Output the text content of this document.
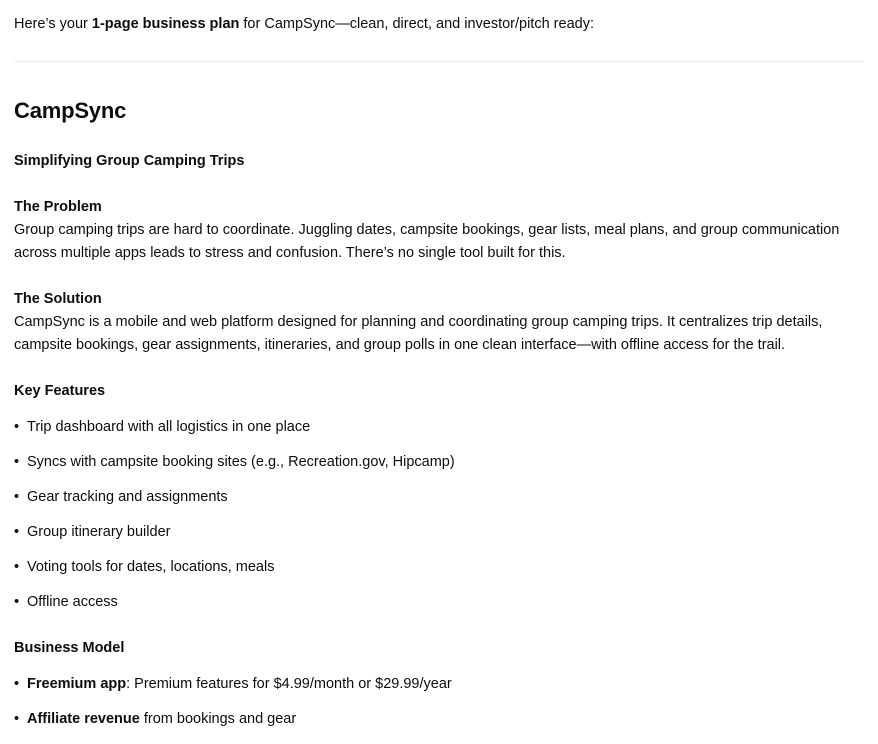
Here’s your 1-page business plan for CampSync—clean, direct, and investor/pitch ready:
CampSync
Simplifying Group Camping Trips
The Problem

Group camping trips are hard to coordinate. Juggling dates, campsite bookings, gear lists, meal plans, and group communication across multiple apps leads to stress and confusion. There’s no single tool built for this.

The Solution

CampSync is a mobile and web platform designed for planning and coordinating group camping trips. It centralizes trip details, campsite bookings, gear assignments, itineraries, and group polls in one clean interface—with offline access for the trail.

Key Features
• Trip dashboard with all logistics in one place
• Syncs with campsite booking sites (e.g., Recreation.gov, Hipcamp)
• Gear tracking and assignments
• Group itinerary builder
• Voting tools for dates, locations, meals
• Offline access
Business Model
• Freemium app: Premium features for $4.99/month or $29.99/year
• Affiliate revenue from bookings and gear
